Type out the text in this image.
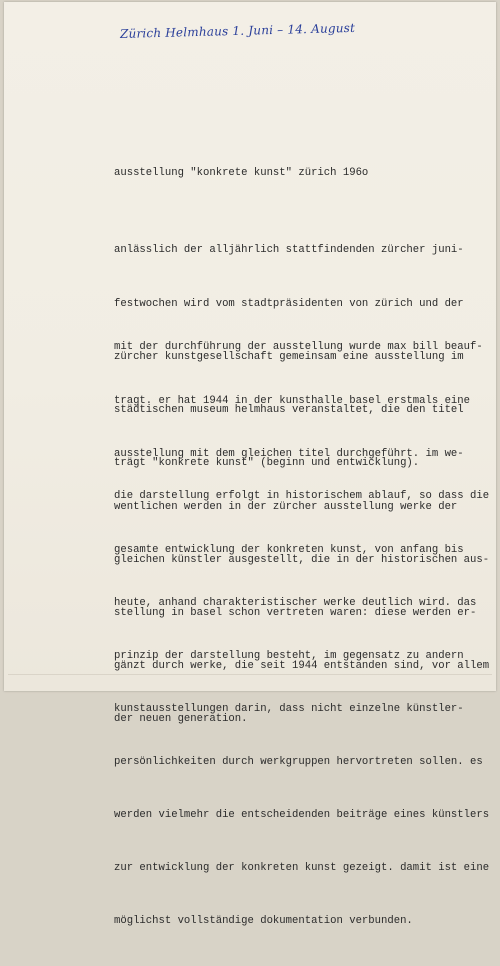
Zürich Helmhaus 1. Juni – 14. August
ausstellung "konkrete kunst" zürich 196o

anlässlich der alljährlich stattfindenden zürcher juni-

festwochen wird vom stadtpräsidenten von zürich und der

zürcher kunstgesellschaft gemeinsam eine ausstellung im

städtischen museum helmhaus veranstaltet, die den titel

trägt "konkrete kunst" (beginn und entwicklung).

mit der durchführung der ausstellung wurde max bill beauf-

tragt. er hat 1944 in der kunsthalle basel erstmals eine

ausstellung mit dem gleichen titel durchgeführt. im we-

wentlichen werden in der zürcher ausstellung werke der

gleichen künstler ausgestellt, die in der historischen aus-

stellung in basel schon vertreten waren: diese werden er-

gänzt durch werke, die seit 1944 entstanden sind, vor allem

der neuen generation.

die darstellung erfolgt in historischem ablauf, so dass die

gesamte entwicklung der konkreten kunst, von anfang bis

heute, anhand charakteristischer werke deutlich wird. das

prinzip der darstellung besteht, im gegensatz zu andern

kunstausstellungen darin, dass nicht einzelne künstler-

persönlichkeiten durch werkgruppen hervortreten sollen. es

werden vielmehr die entscheidenden beiträge eines künstlers

zur entwicklung der konkreten kunst gezeigt. damit ist eine

möglichst vollständige dokumentation verbunden.
